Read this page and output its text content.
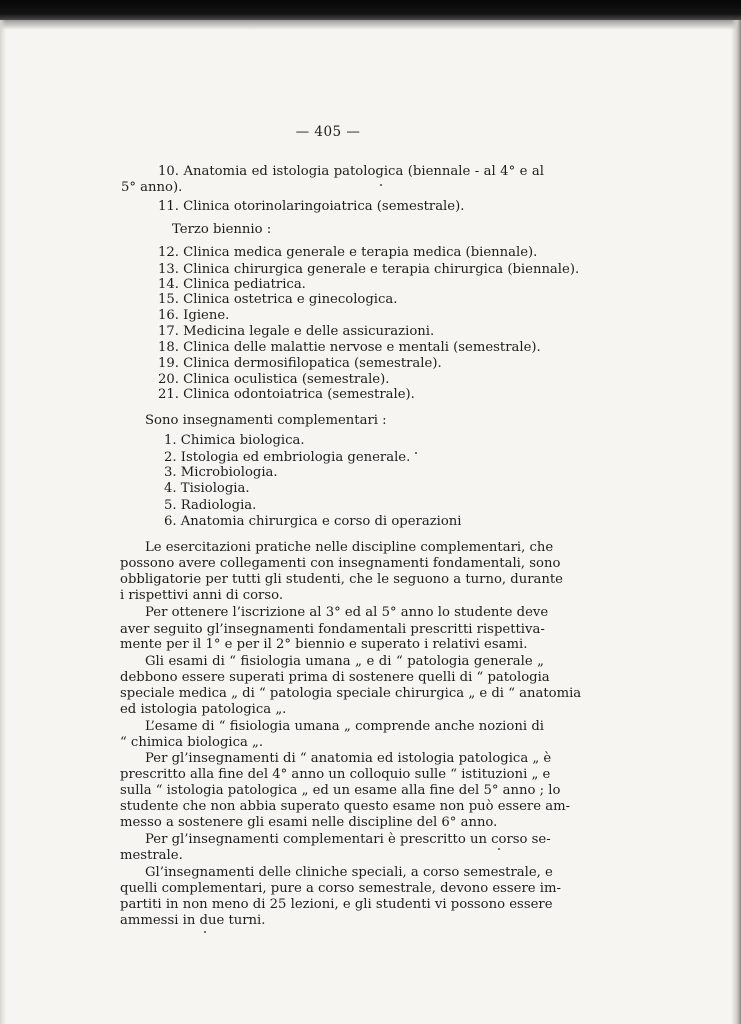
— 405 —
10. Anatomia ed istologia patologica (biennale - al 4° e al
5° anno).
11. Clinica otorinolaringoiatrica (semestrale).
Terzo biennio :
12. Clinica medica generale e terapia medica (biennale).
13. Clinica chirurgica generale e terapia chirurgica (biennale).
14. Clinica pediatrica.
15. Clinica ostetrica e ginecologica.
16. Igiene.
17. Medicina legale e delle assicurazioni.
18. Clinica delle malattie nervose e mentali (semestrale).
19. Clinica dermosifilopatica (semestrale).
20. Clinica oculistica (semestrale).
21. Clinica odontoiatrica (semestrale).
Sono insegnamenti complementari :
1. Chimica biologica.
2. Istologia ed embriologia generale.
3. Microbiologia.
4. Tisiologia.
5. Radiologia.
6. Anatomia chirurgica e corso di operazioni
Le esercitazioni pratiche nelle discipline complementari, che
possono avere collegamenti con insegnamenti fondamentali, sono
obbligatorie per tutti gli studenti, che le seguono a turno, durante
i rispettivi anni di corso.
Per ottenere l’iscrizione al 3° ed al 5° anno lo studente deve
aver seguito gl’insegnamenti fondamentali prescritti rispettiva-
mente per il 1° e per il 2° biennio e superato i relativi esami.
Gli esami di “ fisiologia umana „ e di “ patologia generale „
debbono essere superati prima di sostenere quelli di “ patologia
speciale medica „ di “ patologia speciale chirurgica „ e di “ anatomia
ed istologia patologica „.
L’esame di “ fisiologia umana „ comprende anche nozioni di
“ chimica biologica „.
Per gl’insegnamenti di “ anatomia ed istologia patologica „ è
prescritto alla fine del 4° anno un colloquio sulle “ istituzioni „ e
sulla “ istologia patologica „ ed un esame alla fine del 5° anno ; lo
studente che non abbia superato questo esame non può essere am-
messo a sostenere gli esami nelle discipline del 6° anno.
Per gl’insegnamenti complementari è prescritto un corso se-
mestrale.
Gl’insegnamenti delle cliniche speciali, a corso semestrale, e
quelli complementari, pure a corso semestrale, devono essere im-
partiti in non meno di 25 lezioni, e gli studenti vi possono essere
ammessi in due turni.
